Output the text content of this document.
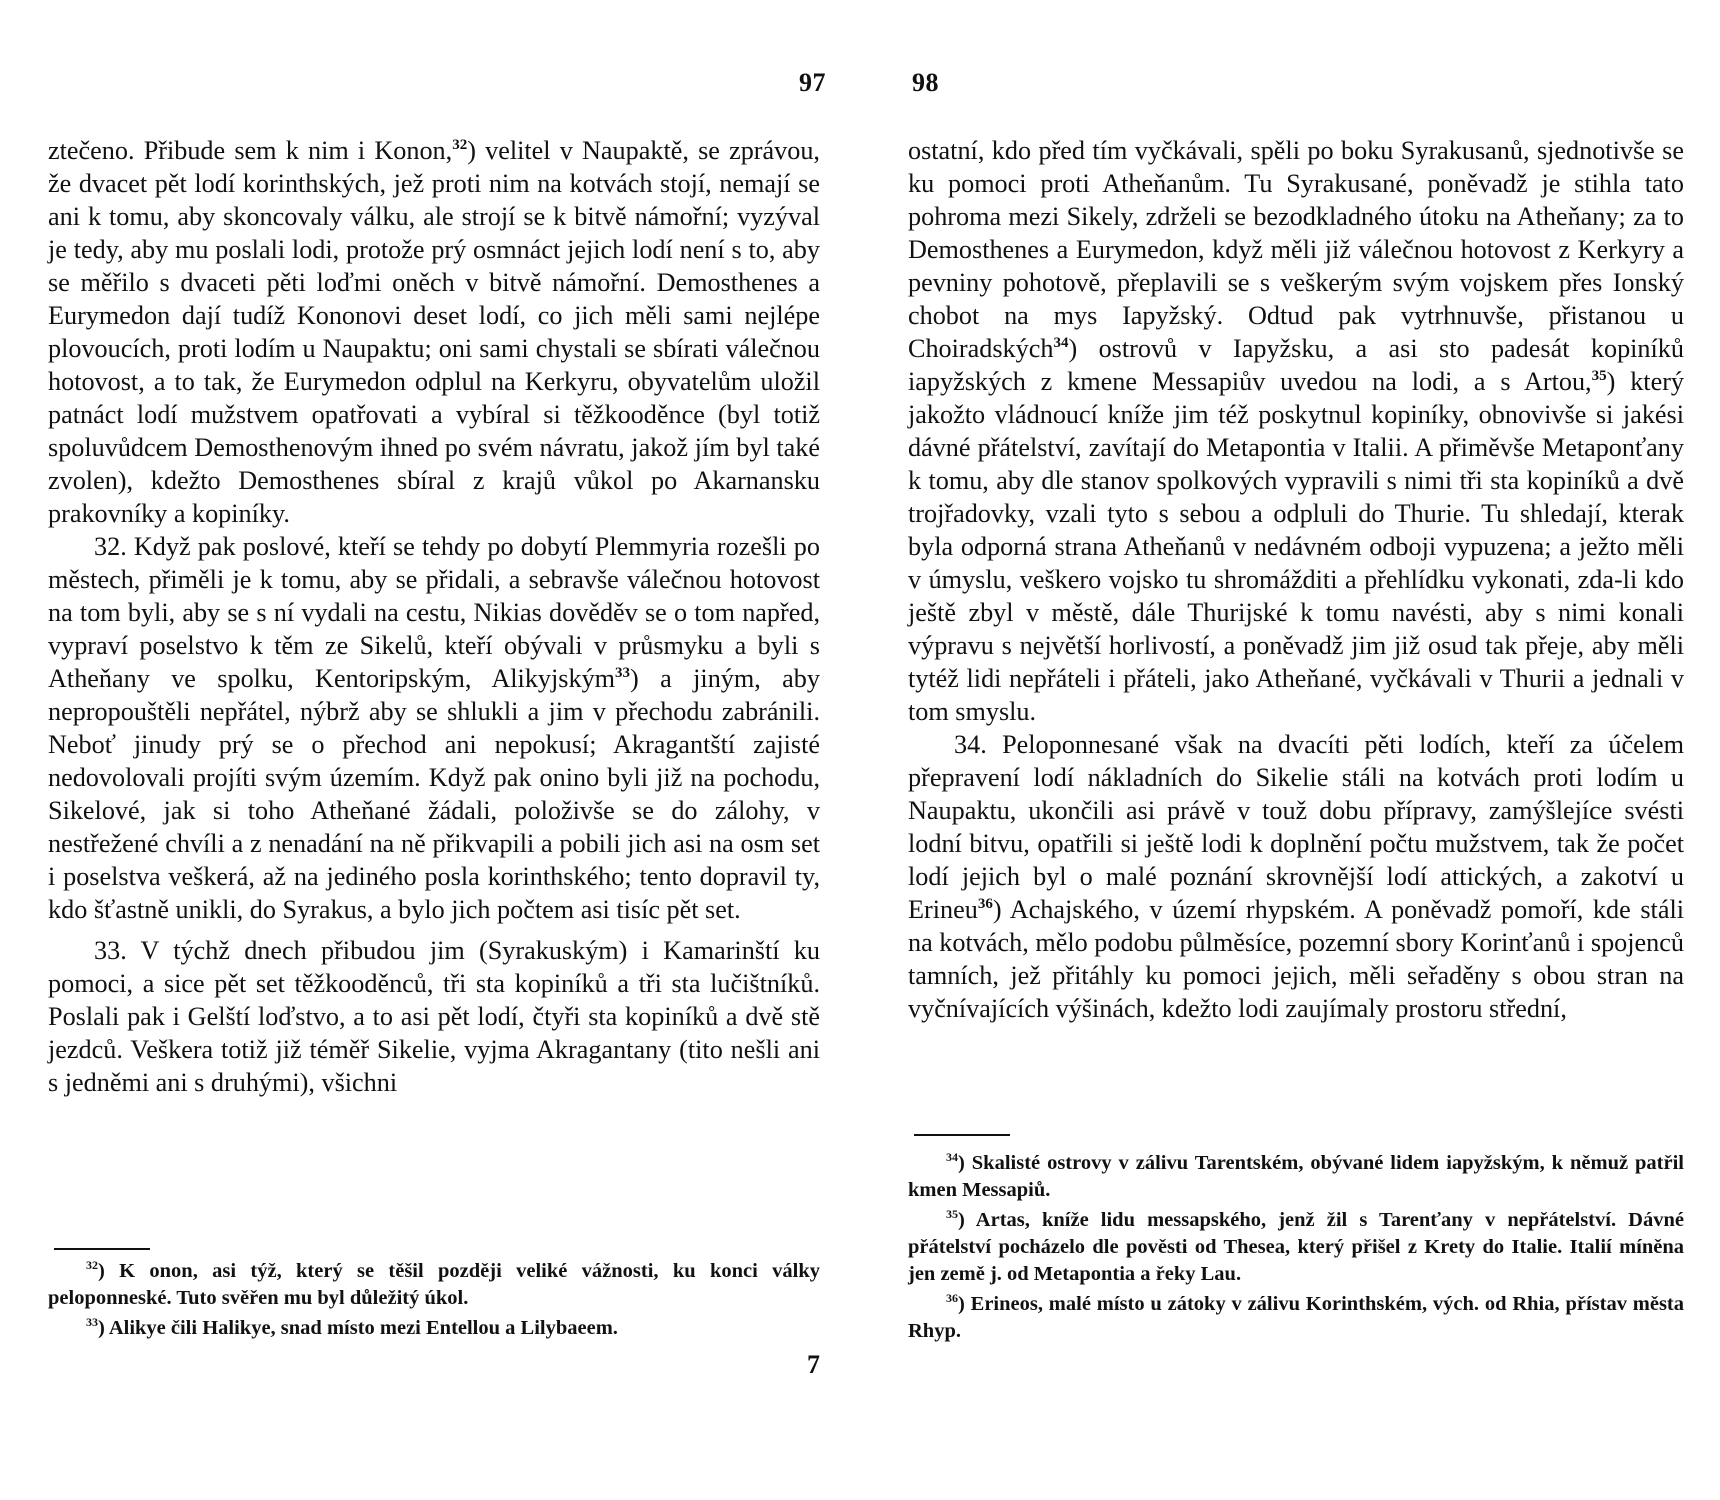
97

ztečeno. Přibude sem k nim i Konon,$^{32}$) velitel v Naupaktě, se zprávou, že dvacet pět lodí korinthských, jež proti nim na kotvách stojí, nemají se ani k tomu, aby skoncovaly válku, ale strojí se k bitvě námořní; vyzýval je tedy, aby mu poslali lodi, protože prý osmnáct jejich lodí není s to, aby se měřilo s dvaceti pěti loďmi oněch v bitvě námořní. Demosthenes a Eurymedon dají tudíž Kononovi deset lodí, co jich měli sami nejlépe plovoucích, proti lodím u Naupaktu; oni sami chystali se sbírati válečnou hotovost, a to tak, že Eurymedon odplul na Kerkyru, obyvatelům uložil patnáct lodí mužstvem opatřovati a vybíral si těžkooděnce (byl totiž spoluvůdcem Demosthenovým ihned po svém návratu, jakož jím byl také zvolen), kdežto Demosthenes sbíral z krajů vůkol po Akarnansku prakovníky a kopiníky.

32. Když pak poslové, kteří se tehdy po dobytí Plemmyria rozešli po městech, přiměli je k tomu, aby se přidali, a sebravše válečnou hotovost na tom byli, aby se s ní vydali na cestu, Nikias dověděv se o tom napřed, vypraví poselstvo k těm ze Sikelů, kteří obývali v průsmyku a byli s Atheňany ve spolku, Kentoripským, Alikyjským$^{33}$) a jiným, aby nepropouštěli nepřátel, nýbrž aby se shlukli a jim v přechodu zabránili. Neboť jinudy prý se o přechod ani nepokusí; Akragantští zajisté nedovolovali projíti svým územím. Když pak onino byli již na pochodu, Sikelové, jak si toho Atheňané žádali, položivše se do zálohy, v nestřežené chvíli a z nenadání na ně přikvapili a pobili jich asi na osm set i poselstva veškerá, až na jediného posla korinthského; tento dopravil ty, kdo šťastně unikli, do Syrakus, a bylo jich počtem asi tisíc pět set.

33. V týchž dnech přibudou jim (Syrakuským) i Kamarinští ku pomoci, a sice pět set těžkooděnců, tři sta kopiníků a tři sta lučištníků. Poslali pak i Gelští loďstvo, a to asi pět lodí, čtyři sta kopiníků a dvě stě jezdců. Veškera totiž již téměř Sikelie, vyjma Akragantany (tito nešli ani s jedněmi ani s druhými), všichni

$^{32}$) K onon, asi týž, který se těšil později veliké vážnosti, ku konci války peloponneské. Tuto svěřen mu byl důležitý úkol.

$^{33}$) Alikye čili Halikye, snad místo mezi Entellou a Lilybaeem.

7
98

ostatní, kdo před tím vyčkávali, spěli po boku Syrakusanů, sjednotivše se ku pomoci proti Atheňanům. Tu Syrakusané, poněvadž je stihla tato pohroma mezi Sikely, zdrželi se bezodkladného útoku na Atheňany; za to Demosthenes a Eurymedon, když měli již válečnou hotovost z Kerkyry a pevniny pohotově, přeplavili se s veškerým svým vojskem přes Ionský chobot na mys Iapyžský. Odtud pak vytrhnuvše, přistanou u Choiradských$^{34}$) ostrovů v Iapyžsku, a asi sto padesát kopiníků iapyžských z kmene Messapiův uvedou na lodi, a s Artou,$^{35}$) který jakožto vládnoucí kníže jim též poskytnul kopiníky, obnovivše si jakési dávné přátelství, zavítají do Metapontia v Italii. A přiměvše Metaponťany k tomu, aby dle stanov spolkových vypravili s nimi tři sta kopiníků a dvě trojřadovky, vzali tyto s sebou a odpluli do Thurie. Tu shledají, kterak byla odporná strana Atheňanů v nedávném odboji vypuzena; a ježto měli v úmyslu, veškero vojsko tu shromážditi a přehlídku vykonati, zda-li kdo ještě zbyl v městě, dále Thurijské k tomu navésti, aby s nimi konali výpravu s největší horlivostí, a poněvadž jim již osud tak přeje, aby měli tytéž lidi nepřáteli i přáteli, jako Atheňané, vyčkávali v Thurii a jednali v tom smyslu.

34. Peloponnesané však na dvacíti pěti lodích, kteří za účelem přepravení lodí nákladních do Sikelie stáli na kotvách proti lodím u Naupaktu, ukončili asi právě v touž dobu přípravy, zamýšlejíce svésti lodní bitvu, opatřili si ještě lodi k doplnění počtu mužstvem, tak že počet lodí jejich byl o malé poznání skrovnější lodí attických, a zakotví u Erineu$^{36}$) Achajského, v území rhypském. A poněvadž pomoří, kde stáli na kotvách, mělo podobu půlměsíce, pozemní sbory Korinťanů i spojenců tamních, jež přitáhly ku pomoci jejich, měli seřaděny s obou stran na vyčnívajících výšinách, kdežto lodi zaujímaly prostoru střední,

$^{34}$) Skalisté ostrovy v zálivu Tarentském, obývané lidem iapyžským, k němuž patřil kmen Messapiů.

$^{35}$) Artas, kníže lidu messapského, jenž žil s Tarenťany v nepřátelství. Dávné přátelství pocházelo dle pověsti od Thesea, který přišel z Krety do Italie. Italií míněna jen země j. od Metapontia a řeky Lau.

$^{36}$) Erineos, malé místo u zátoky v zálivu Korinthském, vých. od Rhia, přístav města Rhyp.
